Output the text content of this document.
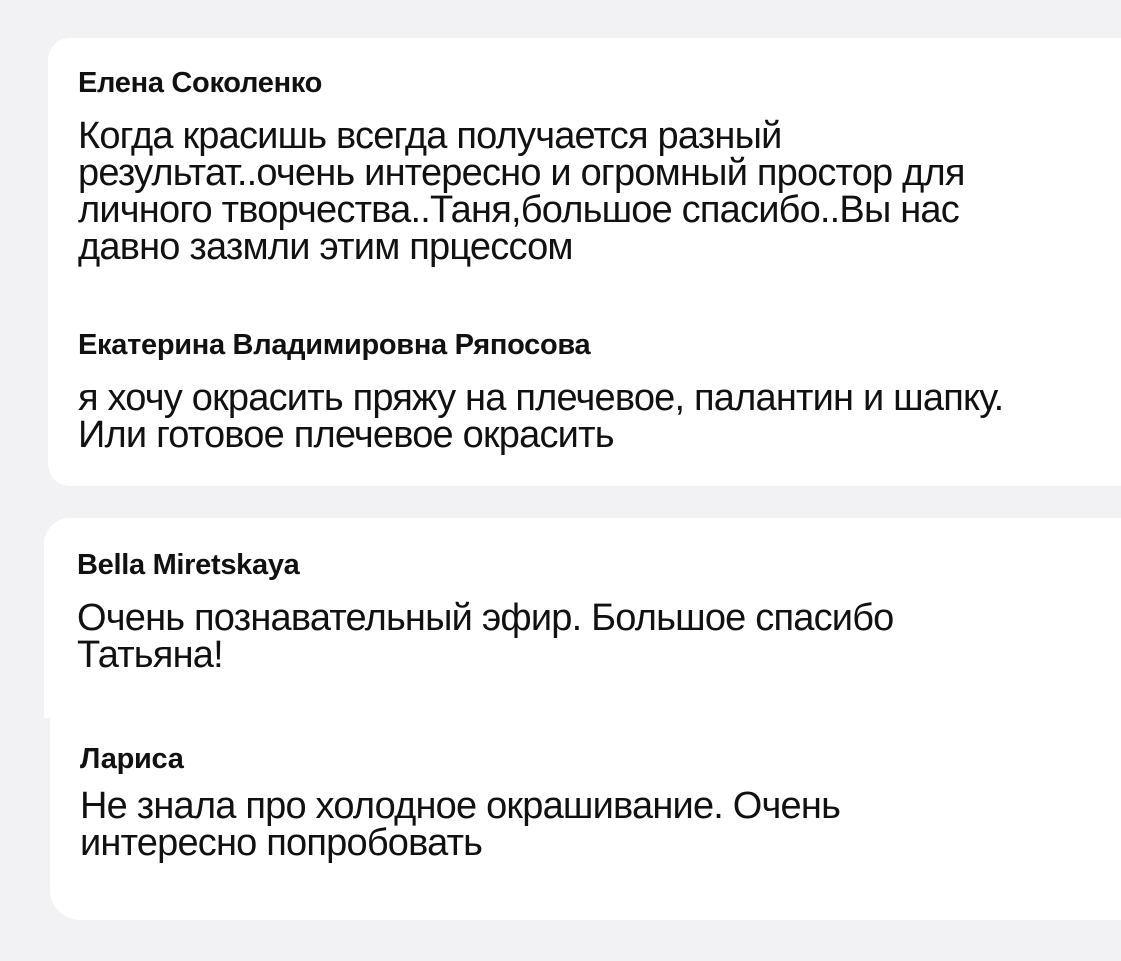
Елена Соколенко
Когда красишь всегда получается разный
результат..очень интересно и огромный простор для
личного творчества..Таня,большое спасибо..Вы нас
давно зазмли этим прцессом
Екатерина Владимировна Ряпосова
я хочу окрасить пряжу на плечевое, палантин и шапку.
Или готовое плечевое окрасить
Bella Miretskaya
Очень познавательный эфир. Большое спасибо
Татьяна!
Лариса
Не знала про холодное окрашивание. Очень
интересно попробовать
